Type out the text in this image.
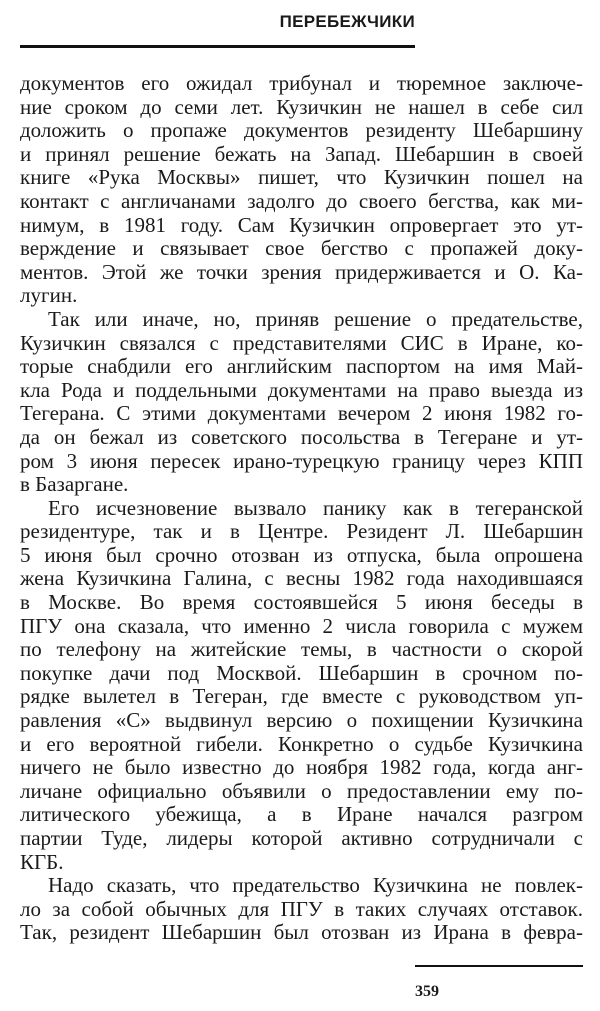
ПЕРЕБЕЖЧИКИ
документов его ожидал трибунал и тюремное заключе-
ние сроком до семи лет. Кузичкин не нашел в себе сил
доложить о пропаже документов резиденту Шебаршину
и принял решение бежать на Запад. Шебаршин в своей
книге «Рука Москвы» пишет, что Кузичкин пошел на
контакт с англичанами задолго до своего бегства, как ми-
нимум, в 1981 году. Сам Кузичкин опровергает это ут-
верждение и связывает свое бегство с пропажей доку-
ментов. Этой же точки зрения придерживается и О. Ка-
лугин.
Так или иначе, но, приняв решение о предательстве,
Кузичкин связался с представителями СИС в Иране, ко-
торые снабдили его английским паспортом на имя Май-
кла Рода и поддельными документами на право выезда из
Тегерана. С этими документами вечером 2 июня 1982 го-
да он бежал из советского посольства в Тегеране и ут-
ром 3 июня пересек ирано-турецкую границу через КПП
в Базаргане.
Его исчезновение вызвало панику как в тегеранской
резидентуре, так и в Центре. Резидент Л. Шебаршин
5 июня был срочно отозван из отпуска, была опрошена
жена Кузичкина Галина, с весны 1982 года находившаяся
в Москве. Во время состоявшейся 5 июня беседы в
ПГУ она сказала, что именно 2 числа говорила с мужем
по телефону на житейские темы, в частности о скорой
покупке дачи под Москвой. Шебаршин в срочном по-
рядке вылетел в Тегеран, где вместе с руководством уп-
равления «С» выдвинул версию о похищении Кузичкина
и его вероятной гибели. Конкретно о судьбе Кузичкина
ничего не было известно до ноября 1982 года, когда анг-
личане официально объявили о предоставлении ему по-
литического убежища, а в Иране начался разгром
партии Туде, лидеры которой активно сотрудничали с
КГБ.
Надо сказать, что предательство Кузичкина не повлек-
ло за собой обычных для ПГУ в таких случаях отставок.
Так, резидент Шебаршин был отозван из Ирана в февра-
359
